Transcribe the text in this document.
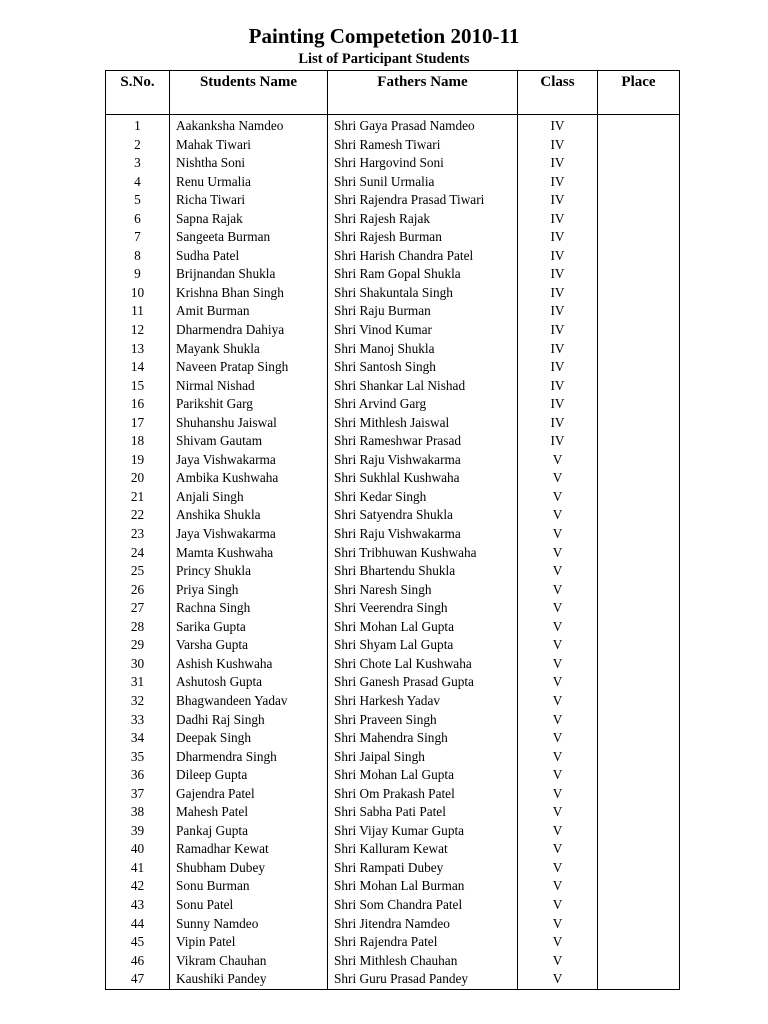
Painting Competetion 2010-11
List of Participant Students
S.No.	Students Name	Fathers Name	Class	Place

1	Aakanksha Namdeo	Shri Gaya Prasad Namdeo	IV	
2	Mahak Tiwari	Shri Ramesh Tiwari	IV	
3	Nishtha Soni	Shri Hargovind Soni	IV	
4	Renu Urmalia	Shri Sunil Urmalia	IV	
5	Richa Tiwari	Shri Rajendra Prasad Tiwari	IV	
6	Sapna Rajak	Shri Rajesh Rajak	IV	
7	Sangeeta Burman	Shri Rajesh Burman	IV	
8	Sudha Patel	Shri Harish Chandra Patel	IV	
9	Brijnandan Shukla	Shri Ram Gopal Shukla	IV	
10	Krishna Bhan Singh	Shri Shakuntala Singh	IV	
11	Amit Burman	Shri Raju Burman	IV	
12	Dharmendra Dahiya	Shri Vinod Kumar	IV	
13	Mayank Shukla	Shri Manoj Shukla	IV	
14	Naveen Pratap Singh	Shri Santosh Singh	IV	
15	Nirmal Nishad	Shri Shankar Lal Nishad	IV	
16	Parikshit Garg	Shri Arvind Garg	IV	
17	Shuhanshu Jaiswal	Shri Mithlesh Jaiswal	IV	
18	Shivam Gautam	Shri Rameshwar Prasad	IV	
19	Jaya Vishwakarma	Shri Raju Vishwakarma	V	
20	Ambika Kushwaha	Shri Sukhlal Kushwaha	V	
21	Anjali Singh	Shri Kedar Singh	V	
22	Anshika Shukla	Shri Satyendra Shukla	V	
23	Jaya Vishwakarma	Shri Raju Vishwakarma	V	
24	Mamta Kushwaha	Shri Tribhuwan Kushwaha	V	
25	Princy Shukla	Shri Bhartendu Shukla	V	
26	Priya Singh	Shri Naresh Singh	V	
27	Rachna Singh	Shri Veerendra Singh	V	
28	Sarika Gupta	Shri Mohan Lal Gupta	V	
29	Varsha Gupta	Shri Shyam Lal Gupta	V	
30	Ashish Kushwaha	Shri Chote Lal Kushwaha	V	
31	Ashutosh Gupta	Shri Ganesh Prasad Gupta	V	
32	Bhagwandeen Yadav	Shri Harkesh Yadav	V	
33	Dadhi Raj Singh	Shri Praveen Singh	V	
34	Deepak Singh	Shri Mahendra Singh	V	
35	Dharmendra Singh	Shri Jaipal Singh	V	
36	Dileep Gupta	Shri Mohan Lal Gupta	V	
37	Gajendra Patel	Shri Om Prakash Patel	V	
38	Mahesh Patel	Shri Sabha Pati Patel	V	
39	Pankaj Gupta	Shri Vijay Kumar Gupta	V	
40	Ramadhar Kewat	Shri Kalluram Kewat	V	
41	Shubham Dubey	Shri Rampati Dubey	V	
42	Sonu Burman	Shri Mohan Lal Burman	V	
43	Sonu Patel	Shri Som Chandra Patel	V	
44	Sunny Namdeo	Shri Jitendra Namdeo	V	
45	Vipin Patel	Shri Rajendra Patel	V	
46	Vikram Chauhan	Shri Mithlesh Chauhan	V	
47	Kaushiki Pandey	Shri Guru Prasad Pandey	V	
